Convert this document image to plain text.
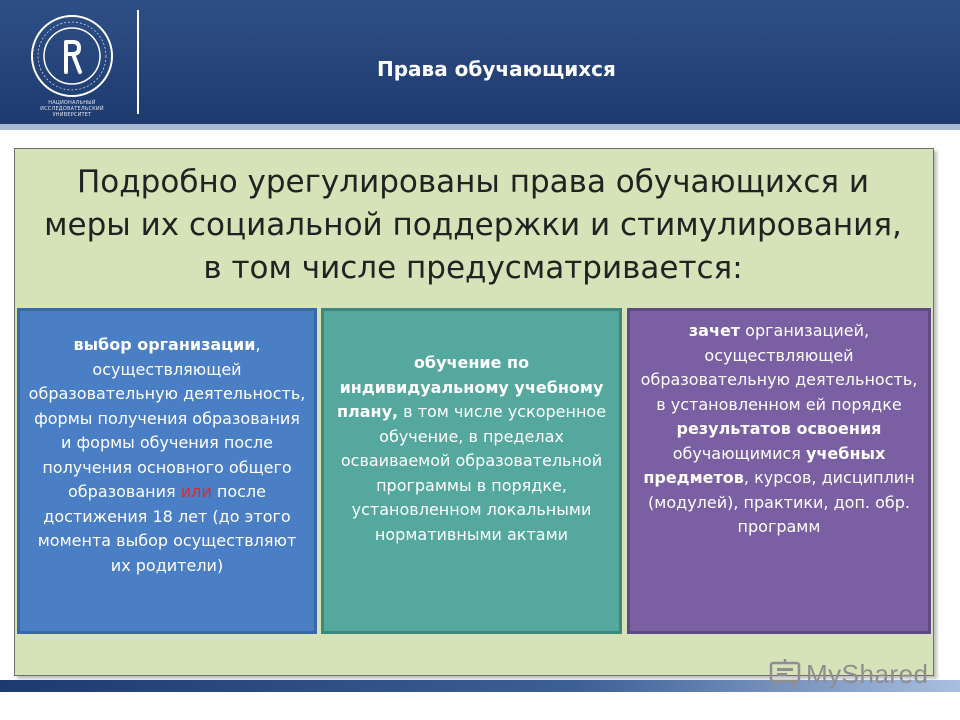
НАЦИОНАЛЬНЫЙ ИССЛЕДОВАТЕЛЬСКИЙ
УНИВЕРСИТЕТ
Права обучающихся
Подробно урегулированы права обучающихся и
меры их социальной поддержки и стимулирования,
в том числе предусматривается:

выбор организации, осуществляющей образовательную деятельность, формы получения образования и формы обучения после получения основного общего образования или после достижения 18 лет (до этого момента выбор осуществляют их родители)

обучение по индивидуальному учебному плану, в том числе ускоренное обучение, в пределах осваиваемой образовательной программы в порядке, установленном локальными нормативными актами

зачет организацией, осуществляющей образовательную деятельность, в установленном ей порядке результатов освоения обучающимися учебных предметов, курсов, дисциплин (модулей), практики, доп. обр. программ

MyShared
